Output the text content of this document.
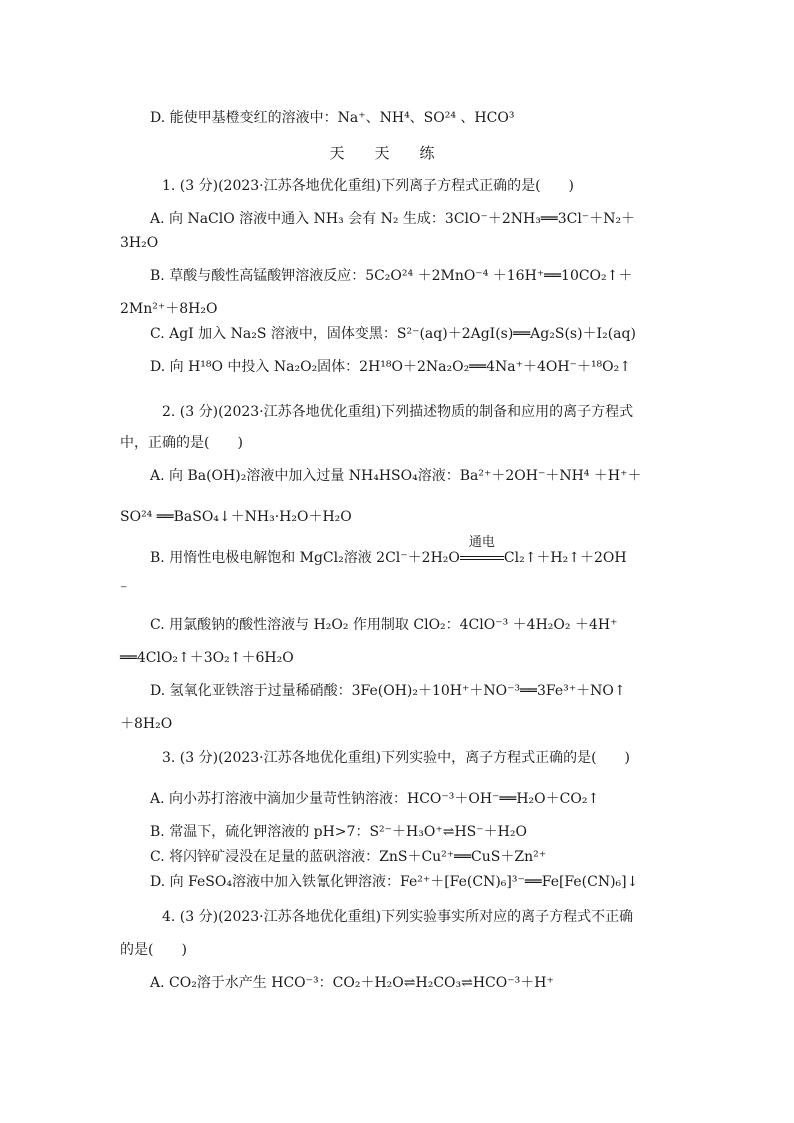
D. 能使甲基橙变红的溶液中：Na⁺、NH⁴、SO²⁴ 、HCO³
天天练
1. (3 分)(2023·江苏各地优化重组)下列离子方程式正确的是(　　)
A. 向 NaClO 溶液中通入 NH₃ 会有 N₂ 生成：3ClO⁻＋2NH₃══3Cl⁻＋N₂＋
3H₂O
B. 草酸与酸性高锰酸钾溶液反应：5C₂O²⁴ ＋2MnO⁻⁴ ＋16H⁺══10CO₂↑＋
2Mn²⁺＋8H₂O
C. AgI 加入 Na₂S 溶液中，固体变黑：S²⁻(aq)＋2AgI(s)══Ag₂S(s)＋I₂(aq)
D. 向 H¹⁸O 中投入 Na₂O₂固体：2H¹⁸O＋2Na₂O₂══4Na⁺＋4OH⁻＋¹⁸O₂↑
2. (3 分)(2023·江苏各地优化重组)下列描述物质的制备和应用的离子方程式
中，正确的是(　　)
A. 向 Ba(OH)₂溶液中加入过量 NH₄HSO₄溶液：Ba²⁺＋2OH⁻＋NH⁴ ＋H⁺＋
SO²⁴ ══BaSO₄↓＋NH₃·H₂O＋H₂O
B. 用惰性电极电解饱和 MgCl₂溶液 2Cl⁻＋2H₂O
通电
Cl₂↑＋H₂↑＋2OH
⁻
C. 用氯酸钠的酸性溶液与 H₂O₂ 作用制取 ClO₂：4ClO⁻³ ＋4H₂O₂ ＋4H⁺
══4ClO₂↑＋3O₂↑＋6H₂O
D. 氢氧化亚铁溶于过量稀硝酸：3Fe(OH)₂＋10H⁺＋NO⁻³══3Fe³⁺＋NO↑
＋8H₂O
3. (3 分)(2023·江苏各地优化重组)下列实验中，离子方程式正确的是(　　)
A. 向小苏打溶液中滴加少量苛性钠溶液：HCO⁻³＋OH⁻══H₂O＋CO₂↑
B. 常温下，硫化钾溶液的 pH>7：S²⁻＋H₃O⁺⇌HS⁻＋H₂O
C. 将闪锌矿浸没在足量的蓝矾溶液：ZnS＋Cu²⁺══CuS＋Zn²⁺
D. 向 FeSO₄溶液中加入铁氰化钾溶液：Fe²⁺＋[Fe(CN)₆]³⁻══Fe[Fe(CN)₆]↓
4. (3 分)(2023·江苏各地优化重组)下列实验事实所对应的离子方程式不正确
的是(　　)
A. CO₂溶于水产生 HCO⁻³：CO₂＋H₂O⇌H₂CO₃⇌HCO⁻³＋H⁺
